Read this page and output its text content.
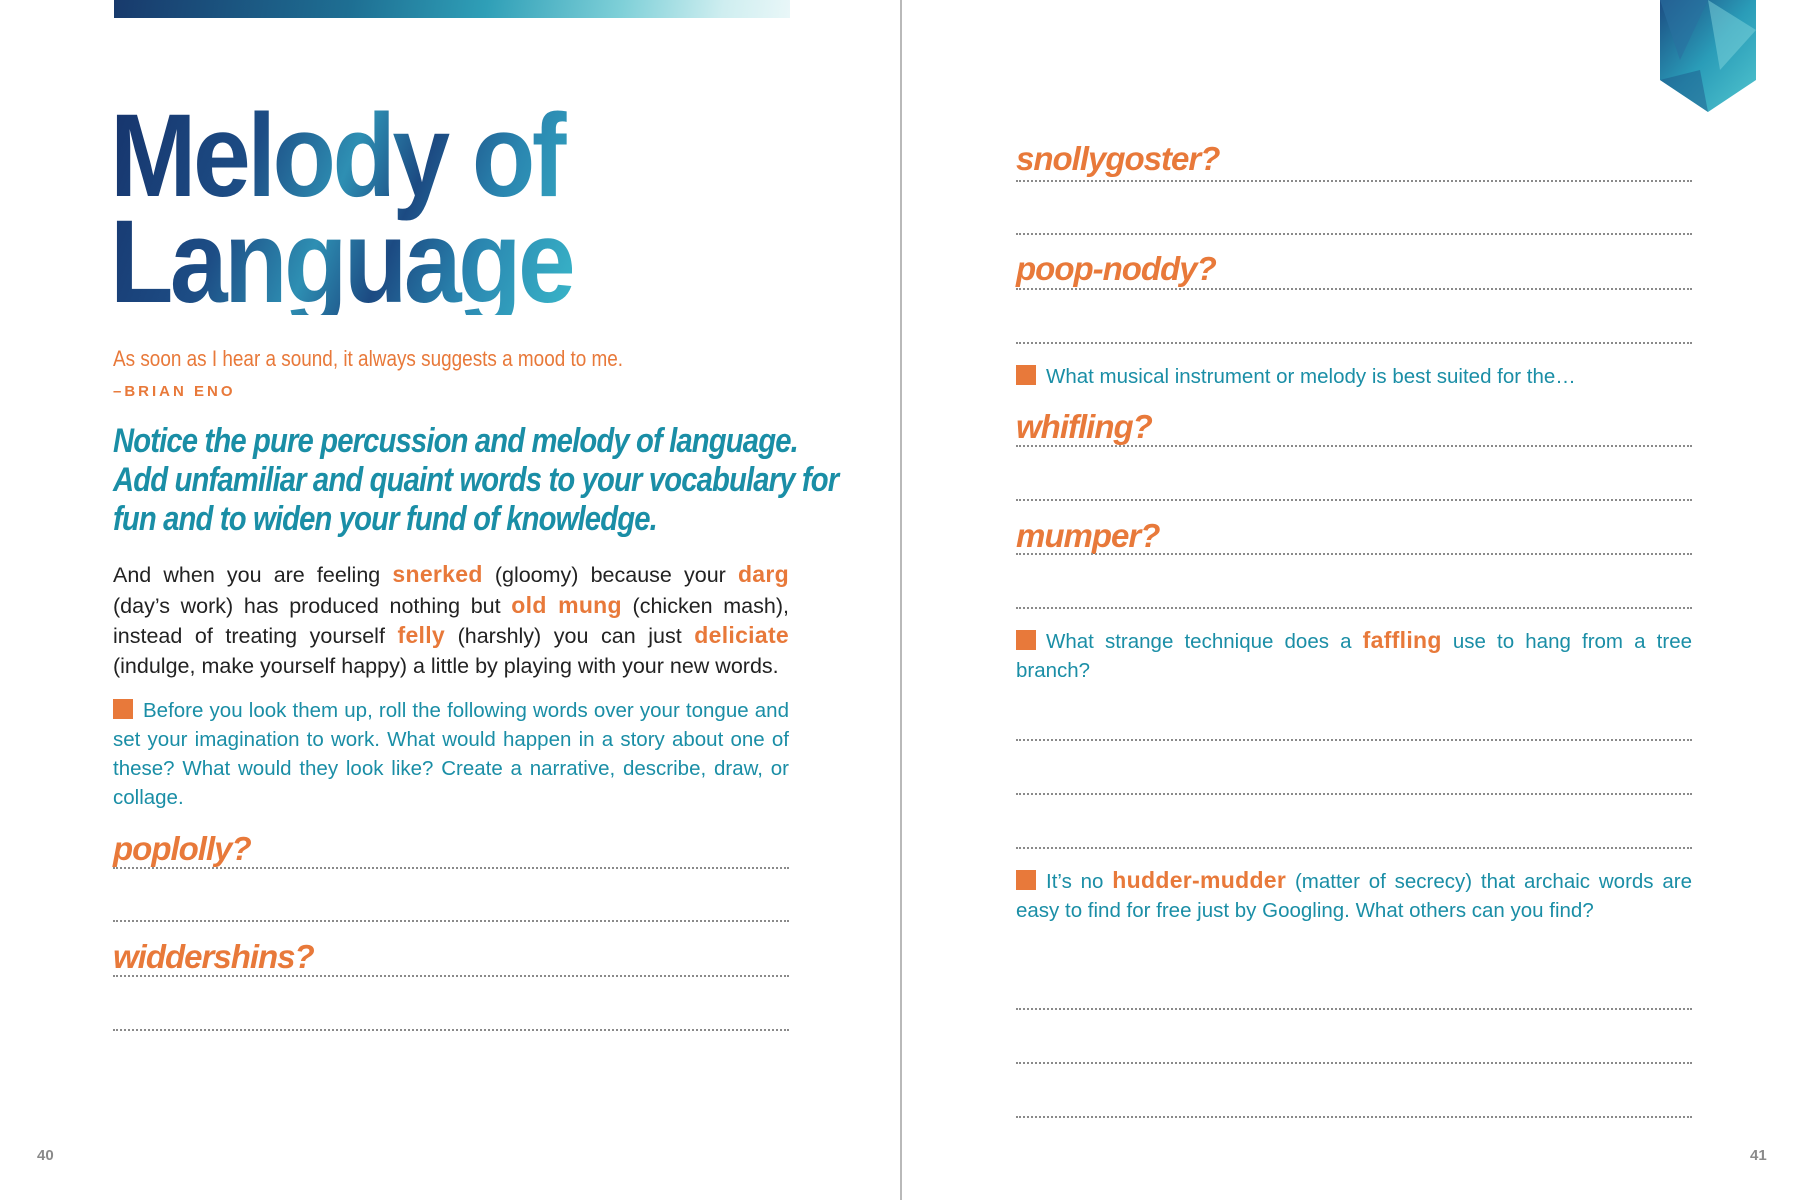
Melody of
Language
As soon as I hear a sound, it always suggests a mood to me.
–BRIAN ENO
Notice the pure percussion and melody of language.
Add unfamiliar and quaint words to your vocabulary for
fun and to widen your fund of knowledge.

And when you are feeling snerked (gloomy) because your darg (day’s work) has produced nothing but old mung (chicken mash), instead of treating yourself felly (harshly) you can just deliciate (indulge, make yourself happy) a little by playing with your new words.

Before you look them up, roll the following words over your tongue and set your imagination to work. What would happen in a story about one of these? What would they look like? Create a narrative, describe, draw, or collage.

poplolly?
widdershins?
40
snollygoster?
poop-noddy?

What musical instrument or melody is best suited for the…

whifling?
mumper?

What strange technique does a faffling use to hang from a tree branch?

It’s no hudder-mudder (matter of secrecy) that archaic words are easy to find for free just by Googling. What others can you find?

41
